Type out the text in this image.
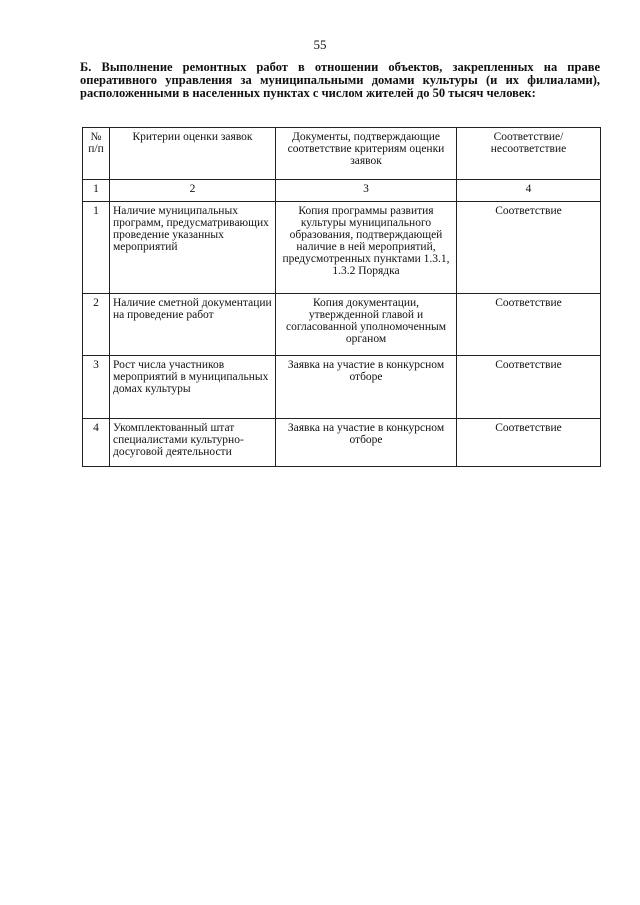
55

Б. Выполнение ремонтных работ в отношении объектов, закрепленных на праве оперативного управления за муниципальными домами культуры (и их филиалами), расположенными в населенных пунктах с числом жителей до 50 тысяч человек:

№ п/п	Критерии оценки заявок	Документы, подтверждающие соответствие критериям оценки заявок	Соответствие/ несоответствие
1	2	3	4
1	Наличие муниципальных программ, предусматривающих проведение указанных мероприятий	Копия программы развития культуры муниципального образования, подтверждающей наличие в ней мероприятий, предусмотренных пунктами 1.3.1, 1.3.2 Порядка	Соответствие
2	Наличие сметной документации на проведение работ	Копия документации, утвержденной главой и согласованной уполномоченным органом	Соответствие
3	Рост числа участников мероприятий в муниципальных домах культуры	Заявка на участие в конкурсном отборе	Соответствие
4	Укомплектованный штат специалистами культурно-досуговой деятельности	Заявка на участие в конкурсном отборе	Соответствие
